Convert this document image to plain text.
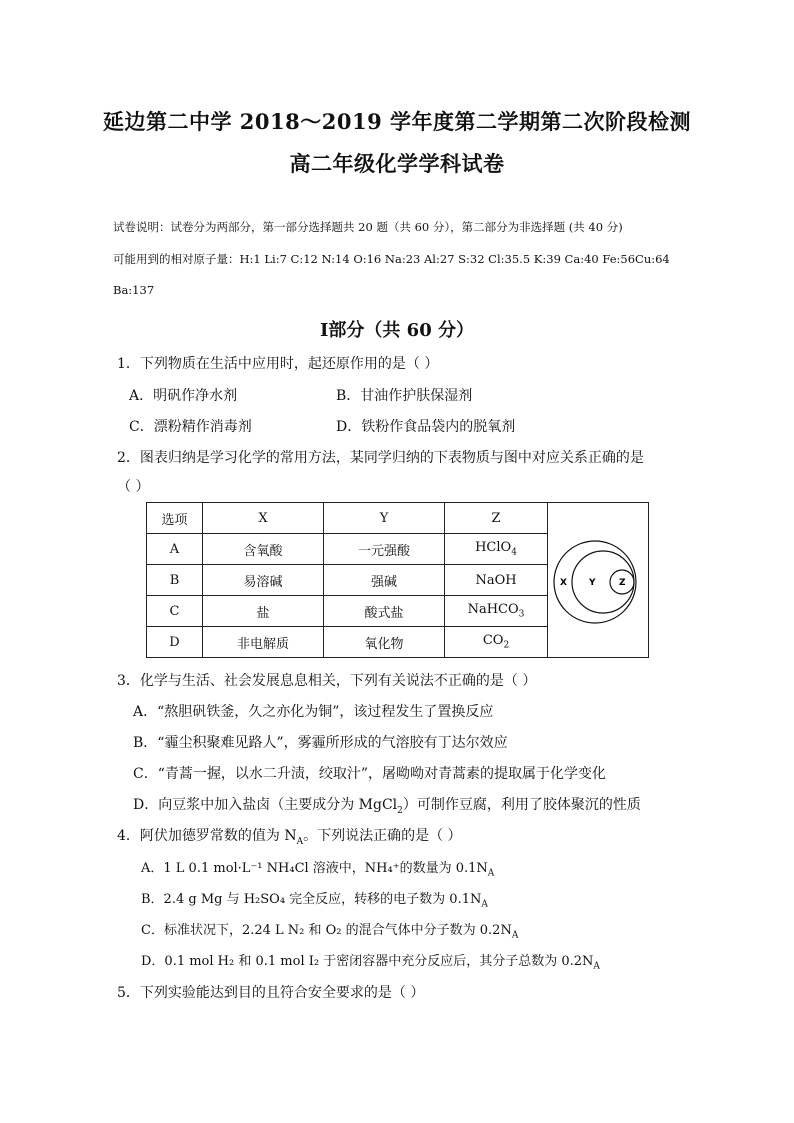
延边第二中学 2018～2019 学年度第二学期第二次阶段检测
高二年级化学学科试卷
试卷说明：试卷分为两部分，第一部分选择题共 20 题（共 60 分），第二部分为非选择题 (共 40 分)
可能用到的相对原子量：H:1 Li:7 C:12 N:14 O:16 Na:23 Al:27 S:32 Cl:35.5 K:39 Ca:40 Fe:56Cu:64
Ba:137
Ⅰ部分（共 60 分）
1．下列物质在生活中应用时，起还原作用的是（ ）
A．明矾作净水剂	B．甘油作护肤保湿剂
C．漂粉精作消毒剂	D．铁粉作食品袋内的脱氧剂
2．图表归纳是学习化学的常用方法，某同学归纳的下表物质与图中对应关系正确的是
（ ）
选项	X	Y	Z	
A	含氧酸	一元强酸	HClO$_4$
B	易溶碱	强碱	NaOH	
C	盐	酸式盐	NaHCO$_3$
D	非电解质	氧化物	$CO_2$
X Y	Z
3．化学与生活、社会发展息息相关，下列有关说法不正确的是（ ）
A．“熬胆矾铁釜，久之亦化为铜”，该过程发生了置换反应
B．“霾尘积聚难见路人”，雾霾所形成的气溶胶有丁达尔效应
C．“青蒿一握，以水二升渍，绞取汁”，屠呦呦对青蒿素的提取属于化学变化
D．向豆浆中加入盐卤（主要成分为 MgCl$_2$）可制作豆腐，利用了胶体聚沉的性质
4．阿伏加德罗常数的值为 $N_A$。下列说法正确的是（ ）
A．1 L 0.1 mol·L⁻¹ NH₄Cl 溶液中，NH₄⁺的数量为 $0.1N_A$
B．2.4 g Mg 与 H₂SO₄ 完全反应，转移的电子数为 $0.1N_A$
C．标准状况下，2.24 L N₂ 和 O₂ 的混合气体中分子数为 $0.2N_A$
D．0.1 mol H₂ 和 0.1 mol I₂ 于密闭容器中充分反应后，其分子总数为 $0.2N_A$
5．下列实验能达到目的且符合安全要求的是（ ）
